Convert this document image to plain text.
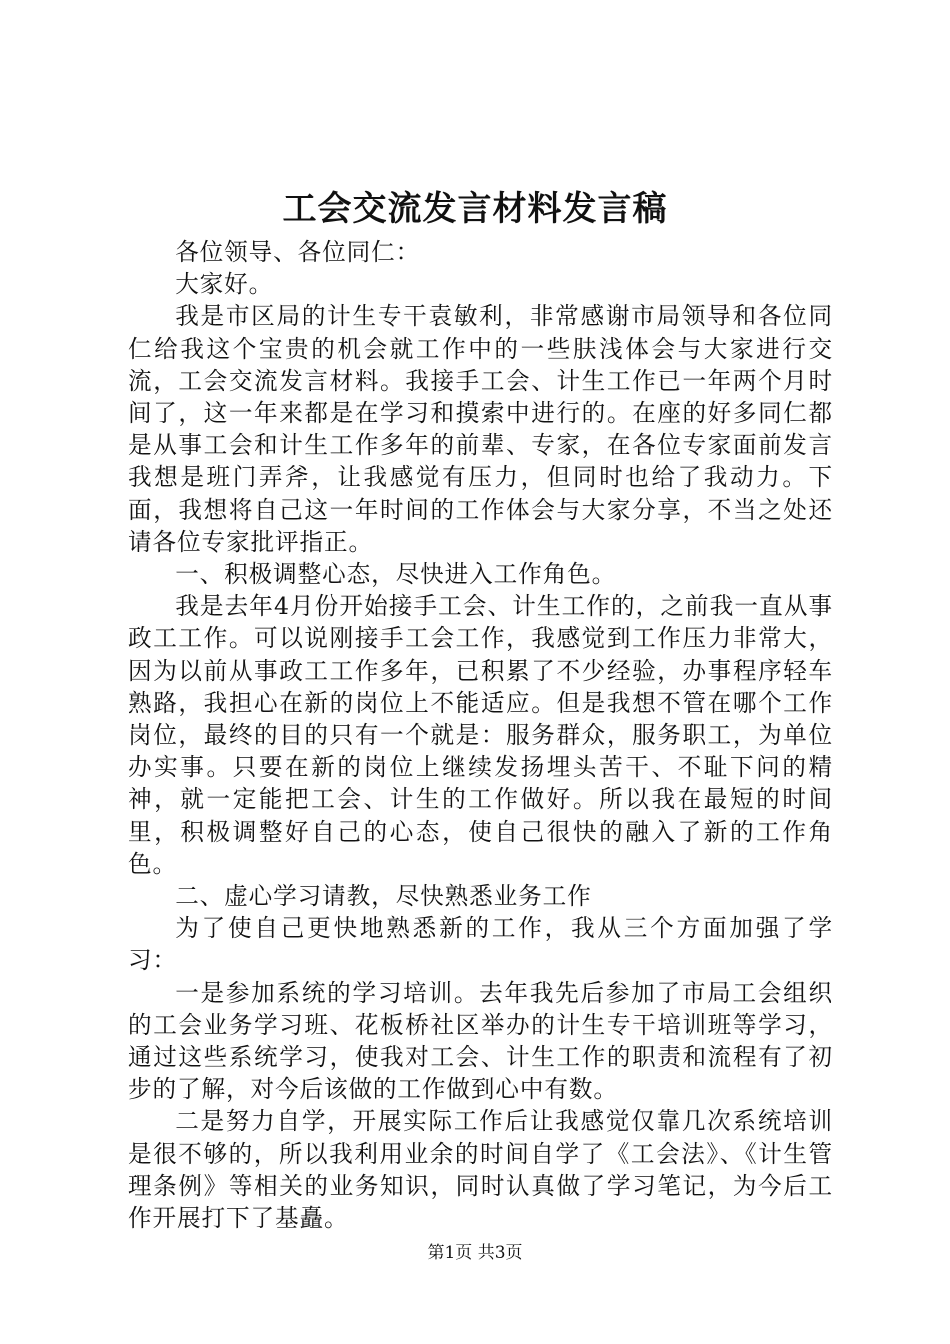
工会交流发言材料发言稿

各位领导、各位同仁：

大家好。

我是市区局的计生专干袁敏利，非常感谢市局领导和各位同仁给我这个宝贵的机会就工作中的一些肤浅体会与大家进行交流，工会交流发言材料。我接手工会、计生工作已一年两个月时间了，这一年来都是在学习和摸索中进行的。在座的好多同仁都是从事工会和计生工作多年的前辈、专家，在各位专家面前发言我想是班门弄斧，让我感觉有压力，但同时也给了我动力。下面，我想将自己这一年时间的工作体会与大家分享，不当之处还请各位专家批评指正。

一、积极调整心态，尽快进入工作角色。

我是去年4月份开始接手工会、计生工作的，之前我一直从事政工工作。可以说刚接手工会工作，我感觉到工作压力非常大，因为以前从事政工工作多年，已积累了不少经验，办事程序轻车熟路，我担心在新的岗位上不能适应。但是我想不管在哪个工作岗位，最终的目的只有一个就是：服务群众，服务职工，为单位办实事。只要在新的岗位上继续发扬埋头苦干、不耻下问的精神，就一定能把工会、计生的工作做好。所以我在最短的时间里，积极调整好自己的心态，使自己很快的融入了新的工作角色。

二、虚心学习请教，尽快熟悉业务工作

为了使自己更快地熟悉新的工作，我从三个方面加强了学习：

一是参加系统的学习培训。去年我先后参加了市局工会组织的工会业务学习班、花板桥社区举办的计生专干培训班等学习，通过这些系统学习，使我对工会、计生工作的职责和流程有了初步的了解，对今后该做的工作做到心中有数。

二是努力自学，开展实际工作后让我感觉仅靠几次系统培训是很不够的，所以我利用业余的时间自学了《工会法》、《计生管理条例》等相关的业务知识，同时认真做了学习笔记，为今后工作开展打下了基矗。

第1页 共3页
